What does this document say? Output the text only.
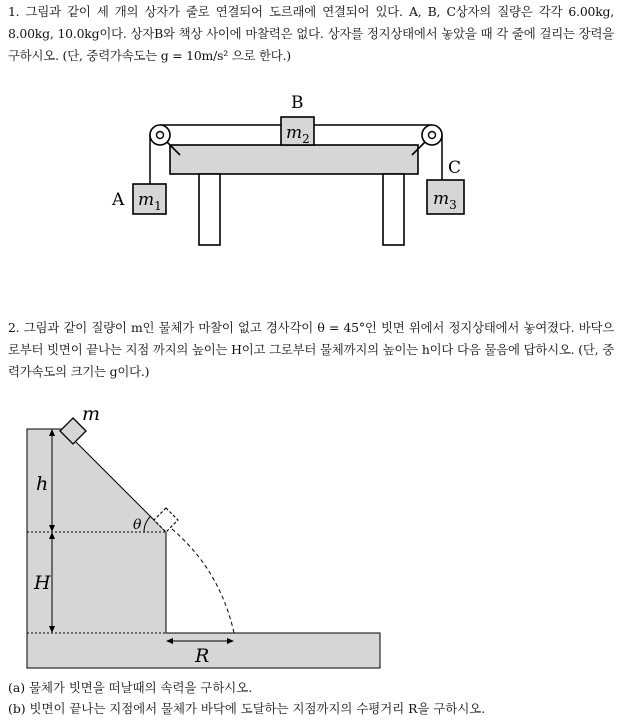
1. 그림과 같이 세 개의 상자가 줄로 연결되어 도르래에 연결되어 있다. A, B, C상자의 질량은 각각 6.00kg, 8.00kg, 10.0kg이다. 상자B와 책상 사이에 마찰력은 없다. 상자를 정지상태에서 놓았을 때 각 줄에 걸리는 장력을 구하시오. (단, 중력가속도는 g = 10m/s² 으로 한다.)
B
A
C
$m_2$
$m_1$	$m_3$
m
h
H
θ
R
2. 그림과 같이 질량이 m인 물체가 마찰이 없고 경사각이 θ = 45°인 빗면 위에서 정지상태에서 놓여졌다. 바닥으로부터 빗면이 끝나는 지점 까지의 높이는 H이고 그로부터 물체까지의 높이는 h이다 다음 물음에 답하시오. (단, 중력가속도의 크기는 g이다.)
(a) 물체가 빗면을 떠날때의 속력을 구하시오.
(b) 빗면이 끝나는 지점에서 물체가 바닥에 도달하는 지점까지의 수평거리 R을 구하시오.
